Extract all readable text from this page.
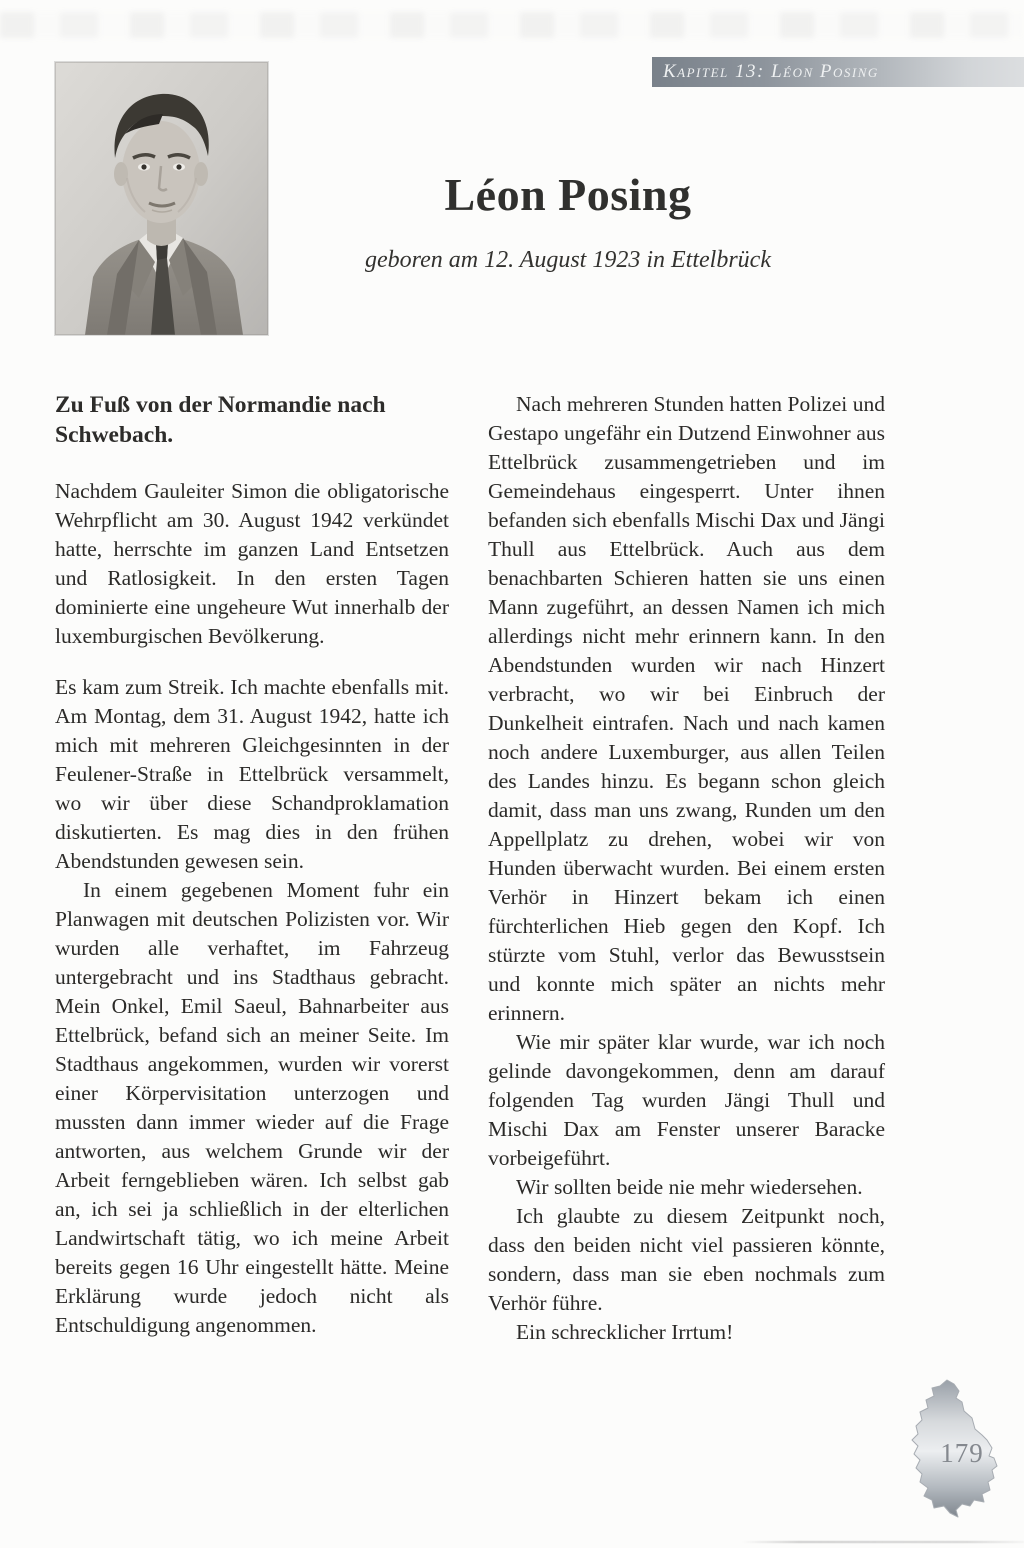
Kapitel 13: Léon Posing
Léon Posing

geboren am 12. August 1923 in Ettelbrück

Zu Fuß von der Normandie nach Schwebach.

Nachdem Gauleiter Simon die obligatorische Wehrpflicht am 30. August 1942 verkündet hatte, herrschte im ganzen Land Entsetzen und Ratlosigkeit. In den ersten Tagen dominierte eine ungeheure Wut innerhalb der luxemburgischen Bevölkerung.

Es kam zum Streik. Ich machte ebenfalls mit. Am Montag, dem 31. August 1942, hatte ich mich mit mehreren Gleichgesinnten in der Feulener-Straße in Ettelbrück versammelt, wo wir über diese Schandproklamation diskutierten. Es mag dies in den frühen Abendstunden gewesen sein.

In einem gegebenen Moment fuhr ein Planwagen mit deutschen Polizisten vor. Wir wurden alle verhaftet, im Fahrzeug untergebracht und ins Stadthaus gebracht. Mein Onkel, Emil Saeul, Bahnarbeiter aus Ettelbrück, befand sich an meiner Seite. Im Stadthaus angekommen, wurden wir vorerst einer Körpervisitation unterzogen und mussten dann immer wieder auf die Frage antworten, aus welchem Grunde wir der Arbeit ferngeblieben wären. Ich selbst gab an, ich sei ja schließlich in der elterlichen Landwirtschaft tätig, wo ich meine Arbeit bereits gegen 16 Uhr eingestellt hätte. Meine Erklärung wurde jedoch nicht als Entschuldigung angenommen.

Nach mehreren Stunden hatten Polizei und Gestapo ungefähr ein Dutzend Einwohner aus Ettelbrück zusammengetrieben und im Gemeindehaus eingesperrt. Unter ihnen befanden sich ebenfalls Mischi Dax und Jängi Thull aus Ettelbrück. Auch aus dem benachbarten Schieren hatten sie uns einen Mann zugeführt, an dessen Namen ich mich allerdings nicht mehr erinnern kann. In den Abendstunden wurden wir nach Hinzert verbracht, wo wir bei Einbruch der Dunkelheit eintrafen. Nach und nach kamen noch andere Luxemburger, aus allen Teilen des Landes hinzu. Es begann schon gleich damit, dass man uns zwang, Runden um den Appellplatz zu drehen, wobei wir von Hunden überwacht wurden. Bei einem ersten Verhör in Hinzert bekam ich einen fürchterlichen Hieb gegen den Kopf. Ich stürzte vom Stuhl, verlor das Bewusstsein und konnte mich später an nichts mehr erinnern.

Wie mir später klar wurde, war ich noch gelinde davongekommen, denn am darauf folgenden Tag wurden Jängi Thull und Mischi Dax am Fenster unserer Baracke vorbeigeführt.

Wir sollten beide nie mehr wiedersehen.

Ich glaubte zu diesem Zeitpunkt noch, dass den beiden nicht viel passieren könnte, sondern, dass man sie eben nochmals zum Verhör führe.

Ein schrecklicher Irrtum!

179
